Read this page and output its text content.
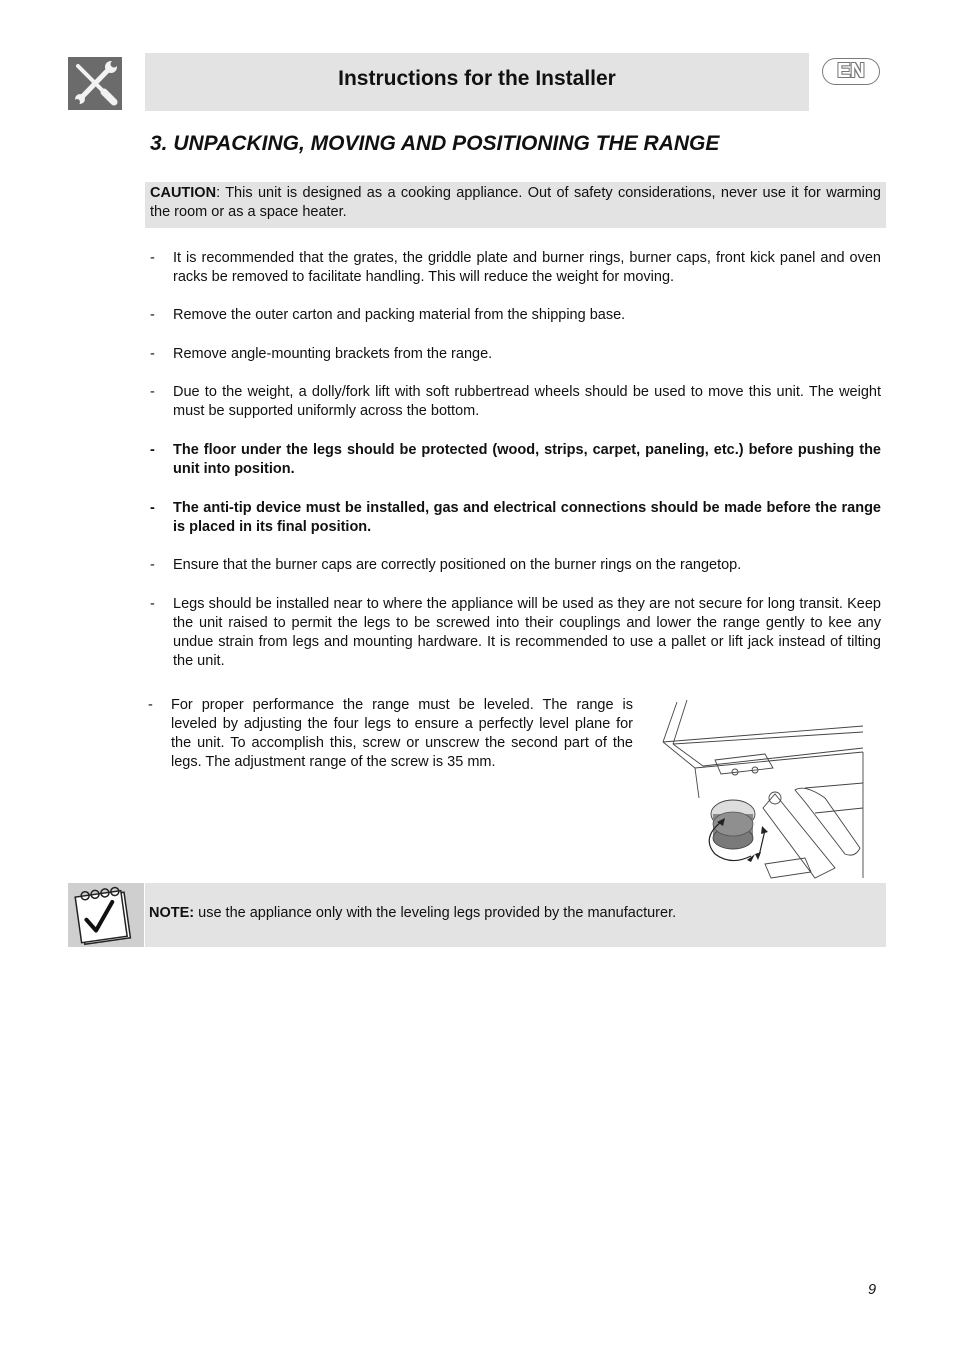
Instructions for the Installer	EN
3. UNPACKING, MOVING AND POSITIONING THE RANGE
CAUTION: This unit is designed as a cooking appliance. Out of safety considerations, never use it for warming the room or as a space heater.
- It is recommended that the grates, the griddle plate and burner rings, burner caps, front kick panel and oven racks be removed to facilitate handling. This will reduce the weight for moving.
- Remove the outer carton and packing material from the shipping base.
- Remove angle-mounting brackets from the range.
- Due to the weight, a dolly/fork lift with soft rubbertread wheels should be used to move this unit. The weight must be supported uniformly across the bottom.
- The floor under the legs should be protected (wood, strips, carpet, paneling, etc.) before pushing the unit into position.
- The anti-tip device must be installed, gas and electrical connections should be made before the range is placed in its final position.
- Ensure that the burner caps are correctly positioned on the burner rings on the rangetop.
- Legs should be installed near to where the appliance will be used as they are not secure for long transit. Keep the unit raised to permit the legs to be screwed into their couplings and lower the range gently to kee any undue strain from legs and mounting hardware. It is recommended to use a pallet or lift jack instead of tilting the unit.
- For proper performance the range must be leveled. The range is leveled by adjusting the four legs to ensure a perfectly level plane for the unit. To accomplish this, screw or unscrew the second part of the legs. The adjustment range of the screw is 35 mm.
NOTE: use the appliance only with the leveling legs provided by the manufacturer.
9
